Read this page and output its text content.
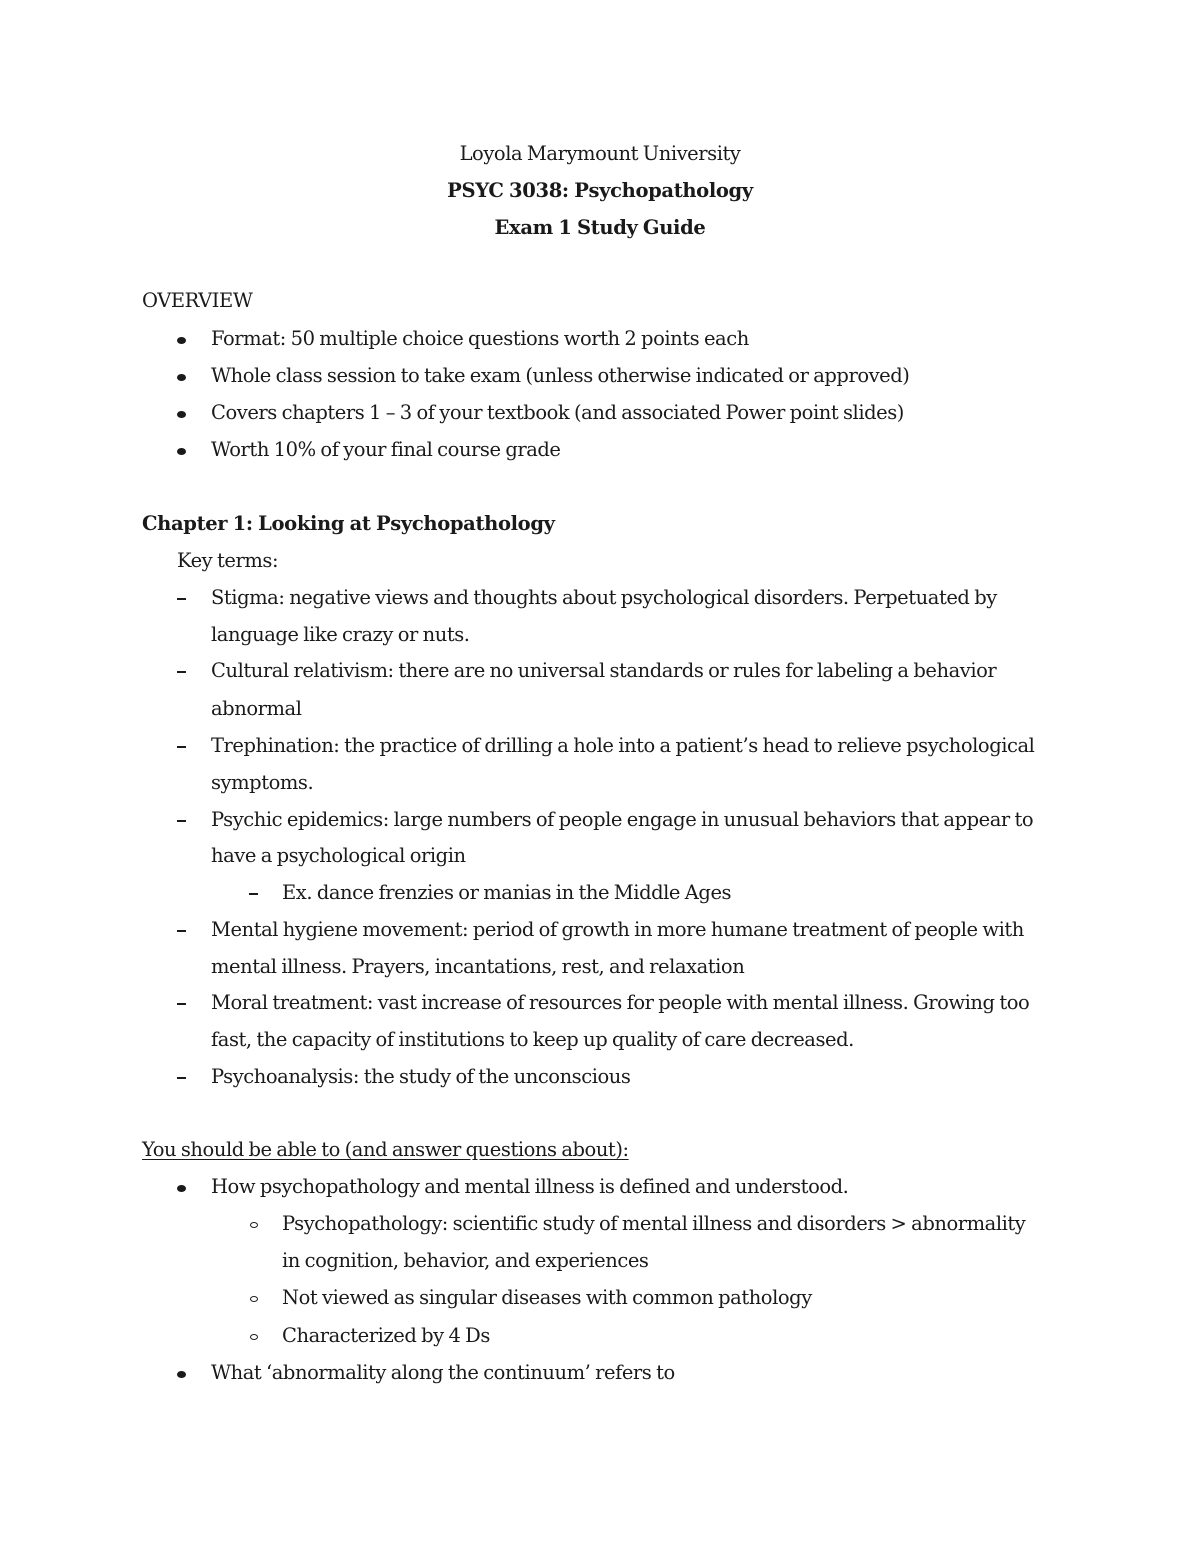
Loyola Marymount University
PSYC 3038: Psychopathology
Exam 1 Study Guide
OVERVIEW
Format: 50 multiple choice questions worth 2 points each
Whole class session to take exam (unless otherwise indicated or approved)
Covers chapters 1 – 3 of your textbook (and associated Power point slides)
Worth 10% of your final course grade
Chapter 1: Looking at Psychopathology
Key terms:
Stigma: negative views and thoughts about psychological disorders. Perpetuated by
language like crazy or nuts.
Cultural relativism: there are no universal standards or rules for labeling a behavior
abnormal
Trephination: the practice of drilling a hole into a patient’s head to relieve psychological
symptoms.
Psychic epidemics: large numbers of people engage in unusual behaviors that appear to
have a psychological origin
Ex. dance frenzies or manias in the Middle Ages
Mental hygiene movement: period of growth in more humane treatment of people with
mental illness. Prayers, incantations, rest, and relaxation
Moral treatment: vast increase of resources for people with mental illness. Growing too
fast, the capacity of institutions to keep up quality of care decreased.
Psychoanalysis: the study of the unconscious
You should be able to (and answer questions about):
How psychopathology and mental illness is defined and understood.
Psychopathology: scientific study of mental illness and disorders > abnormality
in cognition, behavior, and experiences
Not viewed as singular diseases with common pathology
Characterized by 4 Ds
What ‘abnormality along the continuum’ refers to
